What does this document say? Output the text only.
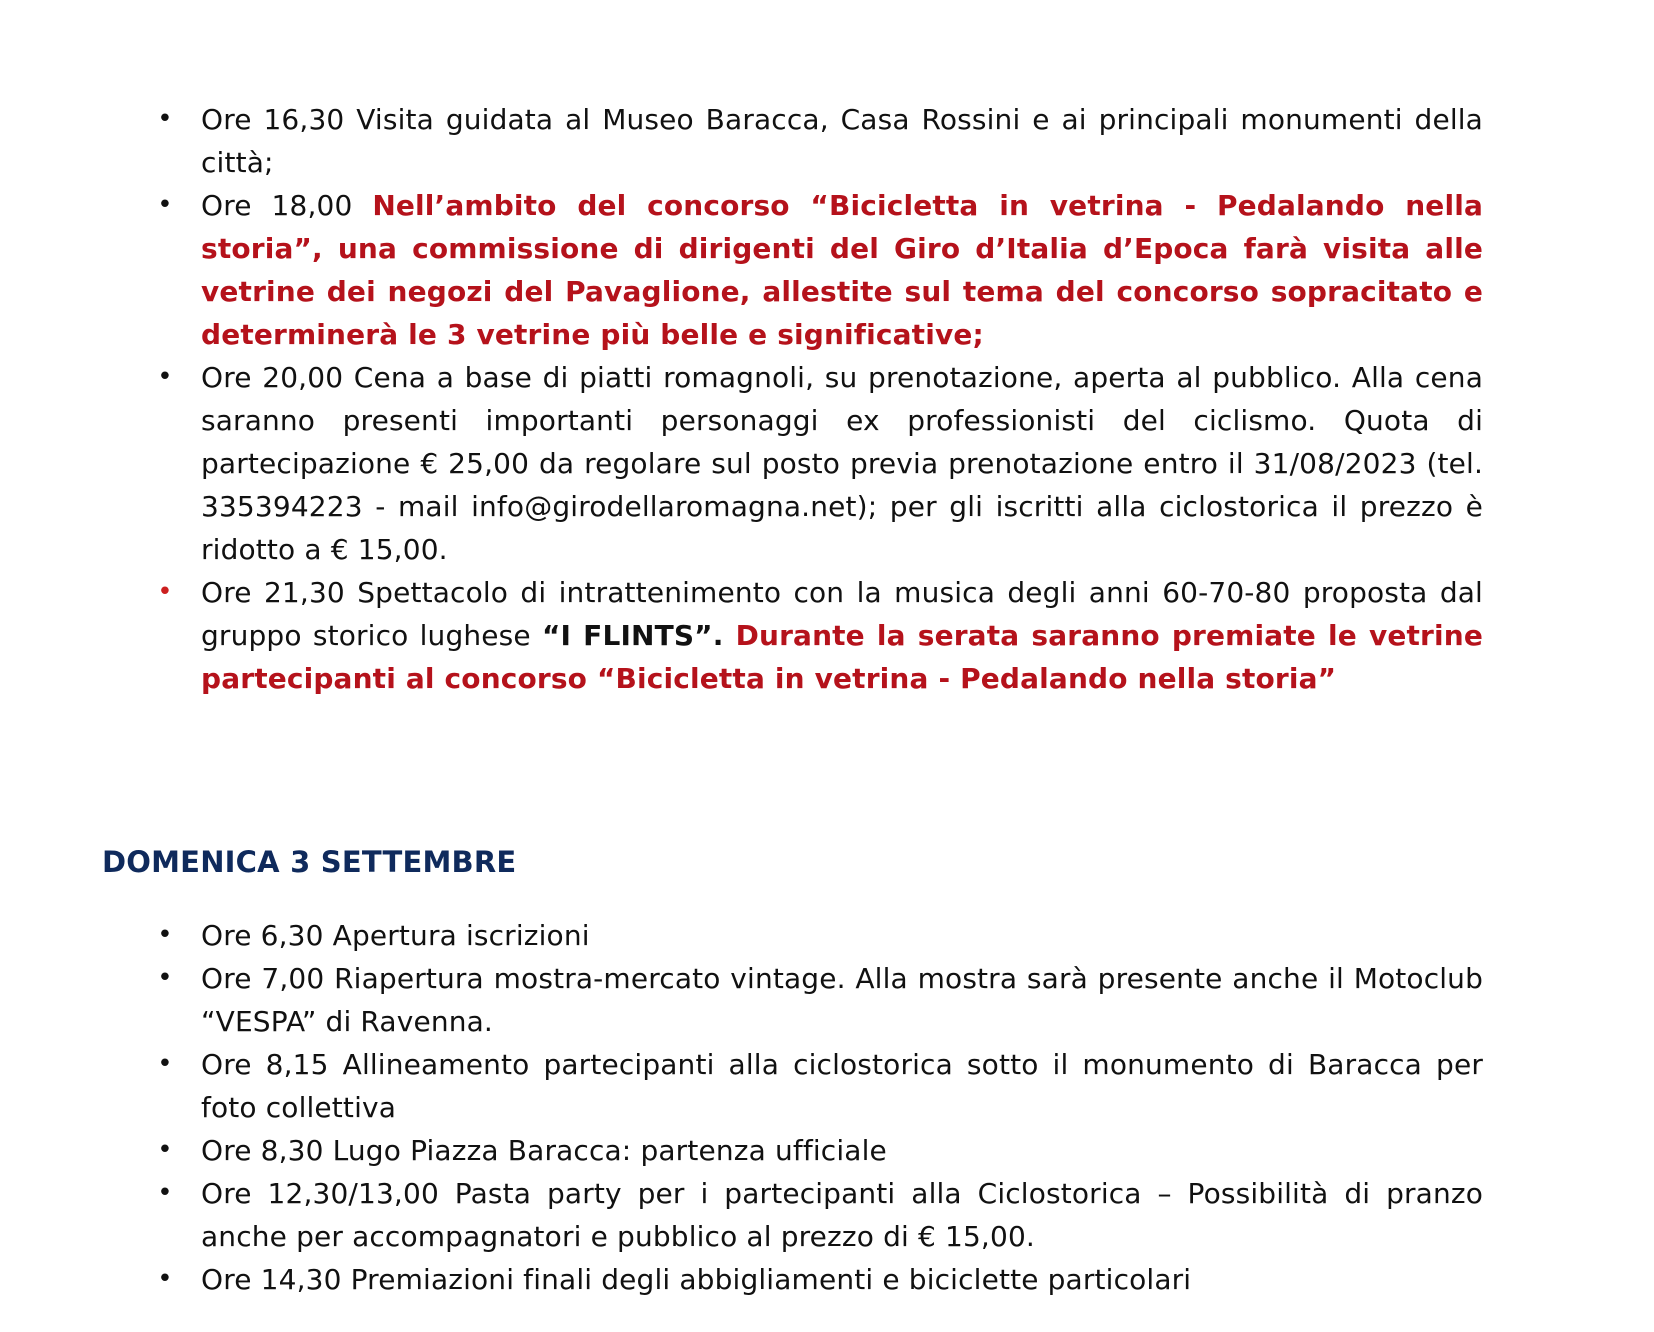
• Ore 16,30 Visita guidata al Museo Baracca, Casa Rossini e ai principali monumenti della città;
• Ore 18,00 Nell’ambito del concorso “Bicicletta in vetrina - Pedalando nella storia”, una commissione di dirigenti del Giro d’Italia d’Epoca farà visita alle vetrine dei negozi del Pavaglione, allestite sul tema del concorso sopracitato e determinerà le 3 vetrine più belle e significative;
• Ore 20,00 Cena a base di piatti romagnoli, su prenotazione, aperta al pubblico. Alla cena saranno presenti importanti personaggi ex professionisti del ciclismo. Quota di partecipazione € 25,00 da regolare sul posto previa prenotazione entro il 31/08/2023 (tel. 335394223 - mail info@girodellaromagna.net); per gli iscritti alla ciclostorica il prezzo è ridotto a € 15,00.
• Ore 21,30 Spettacolo di intrattenimento con la musica degli anni 60-70-80 proposta dal gruppo storico lughese “I FLINTS”. Durante la serata saranno premiate le vetrine partecipanti al concorso “Bicicletta in vetrina - Pedalando nella storia”
DOMENICA 3 SETTEMBRE
• Ore 6,30 Apertura iscrizioni
• Ore 7,00 Riapertura mostra-mercato vintage. Alla mostra sarà presente anche il Motoclub “VESPA” di Ravenna.
• Ore 8,15 Allineamento partecipanti alla ciclostorica sotto il monumento di Baracca per foto collettiva
• Ore 8,30 Lugo Piazza Baracca: partenza ufficiale
• Ore 12,30/13,00 Pasta party per i partecipanti alla Ciclostorica – Possibilità di pranzo anche per accompagnatori e pubblico al prezzo di € 15,00.
• Ore 14,30 Premiazioni finali degli abbigliamenti e biciclette particolari
